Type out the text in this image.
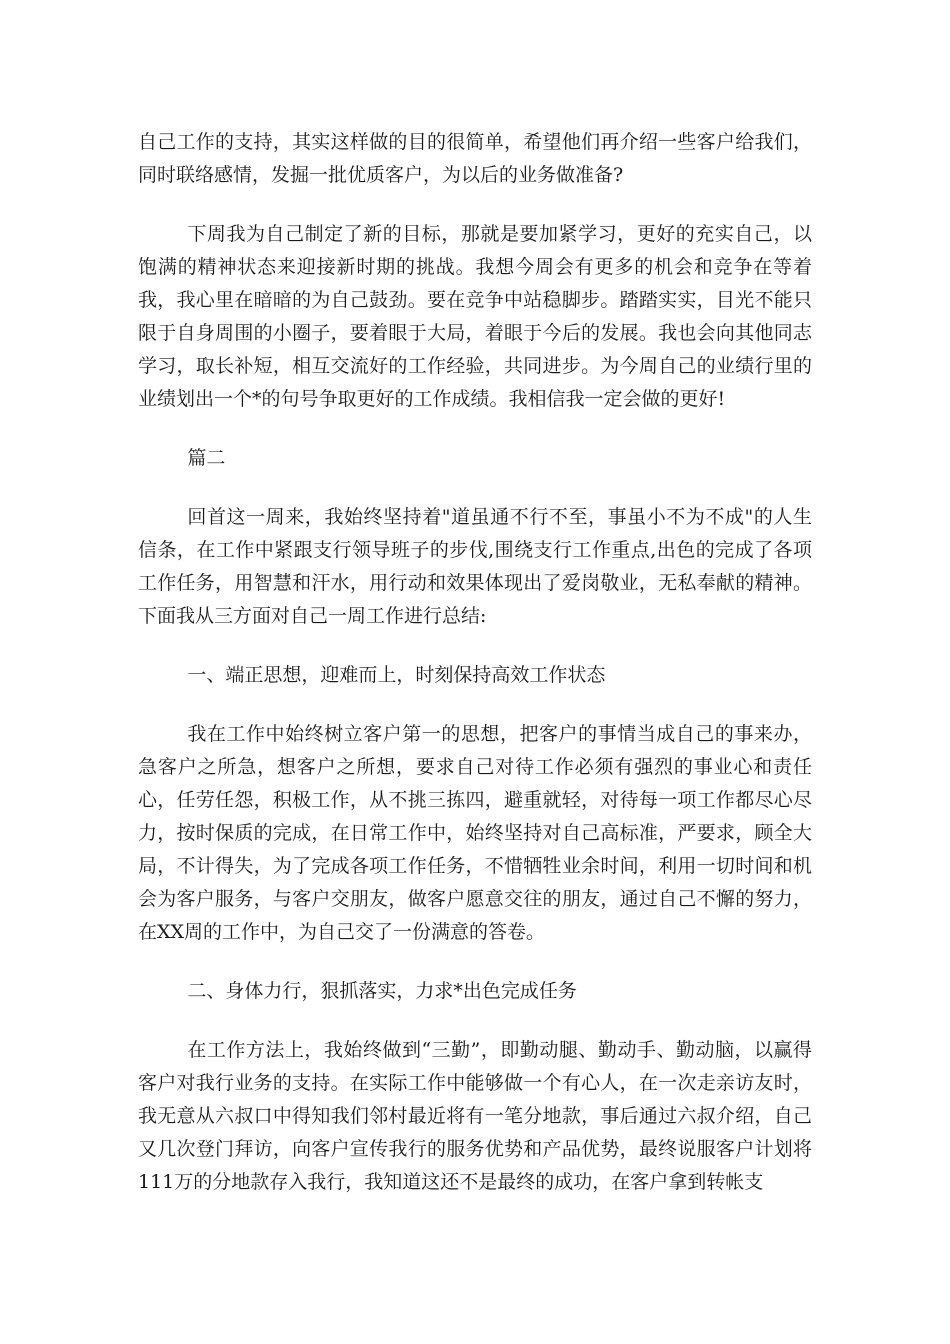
自己工作的支持，其实这样做的目的很简单，希望他们再介绍一些客户给我们，同时联络感情，发掘一批优质客户，为以后的业务做准备?

下周我为自己制定了新的目标，那就是要加紧学习，更好的充实自己，以饱满的精神状态来迎接新时期的挑战。我想今周会有更多的机会和竞争在等着我，我心里在暗暗的为自己鼓劲。要在竞争中站稳脚步。踏踏实实，目光不能只限于自身周围的小圈子，要着眼于大局，着眼于今后的发展。我也会向其他同志学习，取长补短，相互交流好的工作经验，共同进步。为今周自己的业绩行里的业绩划出一个*的句号争取更好的工作成绩。我相信我一定会做的更好!

篇二

回首这一周来，我始终坚持着"道虽通不行不至，事虽小不为不成"的人生信条，在工作中紧跟支行领导班子的步伐,围绕支行工作重点,出色的完成了各项工作任务，用智慧和汗水，用行动和效果体现出了爱岗敬业，无私奉献的精神。下面我从三方面对自己一周工作进行总结:

一、端正思想，迎难而上，时刻保持高效工作状态

我在工作中始终树立客户第一的思想，把客户的事情当成自己的事来办，急客户之所急，想客户之所想，要求自己对待工作必须有强烈的事业心和责任心，任劳任怨，积极工作，从不挑三拣四，避重就轻，对待每一项工作都尽心尽力，按时保质的完成，在日常工作中，始终坚持对自己高标准，严要求，顾全大局，不计得失，为了完成各项工作任务，不惜牺牲业余时间，利用一切时间和机会为客户服务，与客户交朋友，做客户愿意交往的朋友，通过自己不懈的努力，在XX周的工作中，为自己交了一份满意的答卷。

二、身体力行，狠抓落实，力求*出色完成任务

在工作方法上，我始终做到“三勤”，即勤动腿、勤动手、勤动脑，以赢得客户对我行业务的支持。在实际工作中能够做一个有心人，在一次走亲访友时，我无意从六叔口中得知我们邻村最近将有一笔分地款，事后通过六叔介绍，自己又几次登门拜访，向客户宣传我行的服务优势和产品优势，最终说服客户计划将111万的分地款存入我行，我知道这还不是最终的成功，在客户拿到转帐支
